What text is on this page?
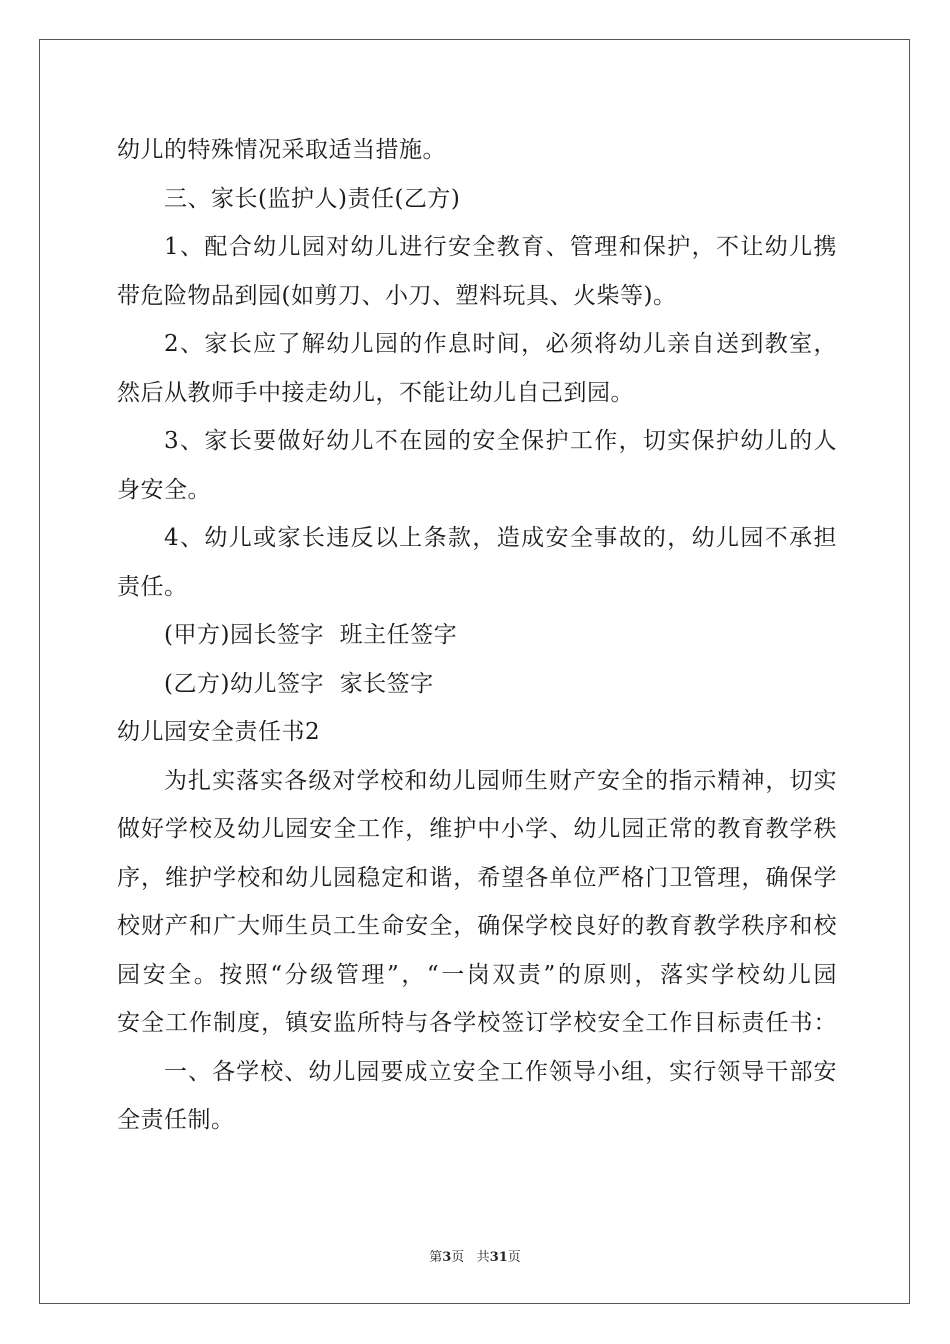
幼儿的特殊情况采取适当措施。
三、家长(监护人)责任(乙方)
1、配合幼儿园对幼儿进行安全教育、管理和保护，不让幼儿携
带危险物品到园(如剪刀、小刀、塑料玩具、火柴等)。
2、家长应了解幼儿园的作息时间，必须将幼儿亲自送到教室，
然后从教师手中接走幼儿，不能让幼儿自己到园。
3、家长要做好幼儿不在园的安全保护工作，切实保护幼儿的人
身安全。
4、幼儿或家长违反以上条款，造成安全事故的，幼儿园不承担
责任。
(甲方)园长签字  班主任签字
(乙方)幼儿签字  家长签字
幼儿园安全责任书2
为扎实落实各级对学校和幼儿园师生财产安全的指示精神，切实
做好学校及幼儿园安全工作，维护中小学、幼儿园正常的教育教学秩
序，维护学校和幼儿园稳定和谐，希望各单位严格门卫管理，确保学
校财产和广大师生员工生命安全，确保学校良好的教育教学秩序和校
园安全。按照“分级管理”，“一岗双责”的原则，落实学校幼儿园
安全工作制度，镇安监所特与各学校签订学校安全工作目标责任书：
一、各学校、幼儿园要成立安全工作领导小组，实行领导干部安
全责任制。
第3页 共31页
